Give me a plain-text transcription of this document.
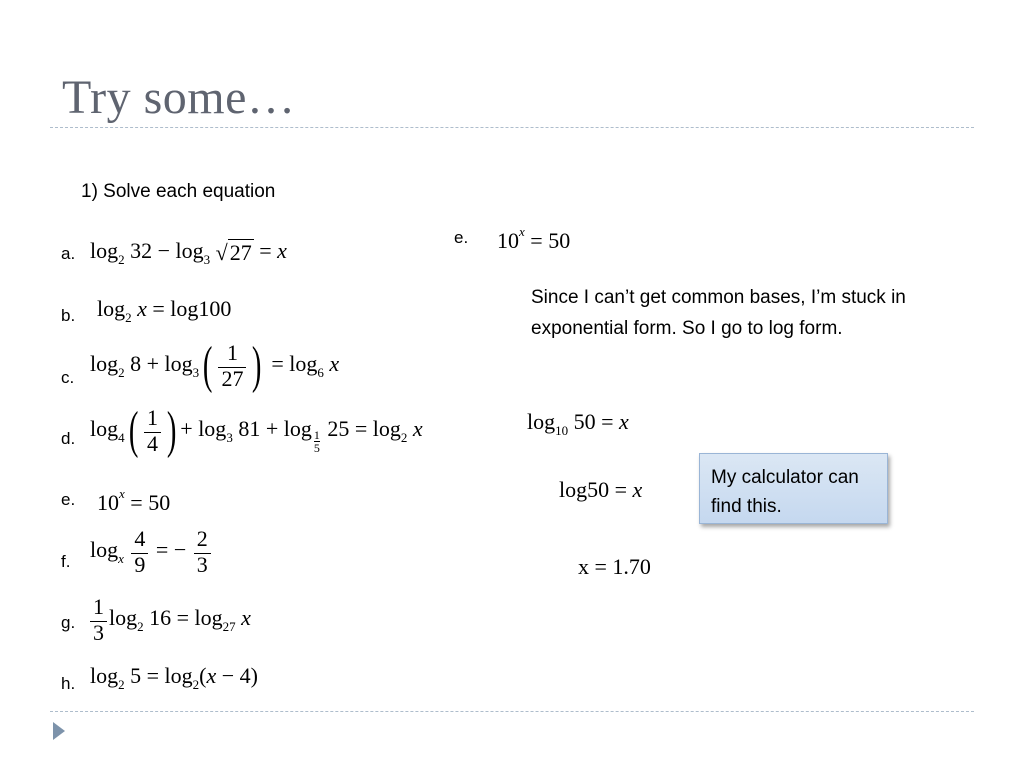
Try some…
1) Solve each equation
a.
b.
c.
d.
e.
f.
g.
h.
$\log_2 32 - \log_3 √27 = x$
$\log_2 x = \log 100$
$\log_2 8 + \log_3( \frac{1}{27}$ ) = $\log_6 x$
$\log_4( \frac{1}{4}$ ) + $\log_3 81 + \log$
$\frac{1}{5}$
$25 = \log_2 x$
$10^x = 50$
$\log_x \frac{4}{9}$ = − $\frac{2}{3}$
$\frac{1}{3} \log_2 16 = \log_{27} x$
$\log_2 5 = \log_2(x - 4)$
e. $10^x = 50$
Since I can’t get common bases, I’m stuck in exponential form. So I go to log form.
$\log_{10} 50 = x$
log50 = x
x = 1.70
My calculator can find this.
